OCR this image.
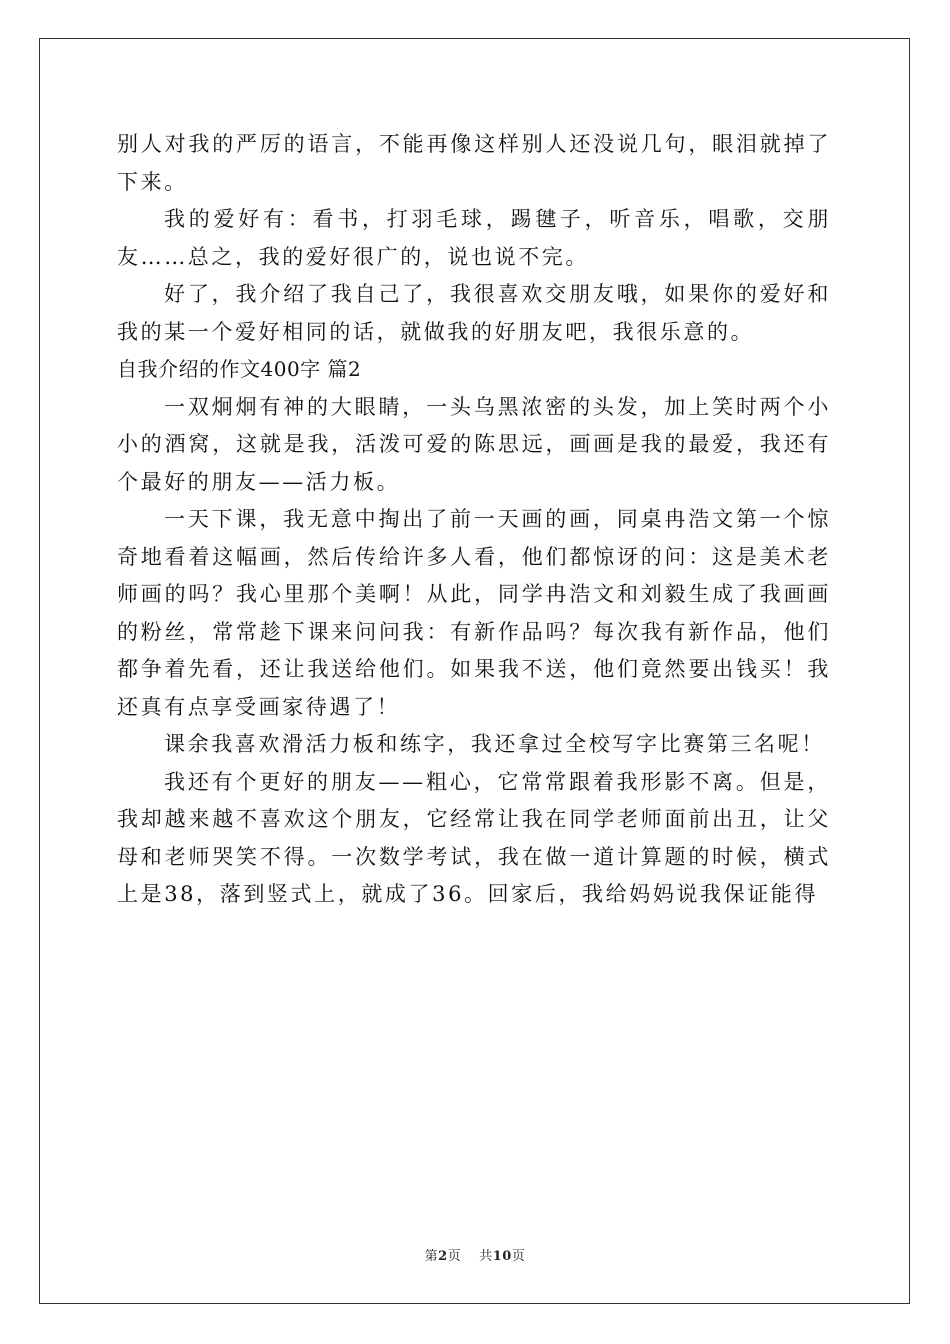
别人对我的严厉的语言，不能再像这样别人还没说几句，眼泪就掉了下来。

我的爱好有：看书，打羽毛球，踢毽子，听音乐，唱歌，交朋友……总之，我的爱好很广的，说也说不完。

好了，我介绍了我自己了，我很喜欢交朋友哦，如果你的爱好和我的某一个爱好相同的话，就做我的好朋友吧，我很乐意的。

自我介绍的作文400字 篇2

一双炯炯有神的大眼睛，一头乌黑浓密的头发，加上笑时两个小小的酒窝，这就是我，活泼可爱的陈思远，画画是我的最爱，我还有个最好的朋友——活力板。

一天下课，我无意中掏出了前一天画的画，同桌冉浩文第一个惊奇地看着这幅画，然后传给许多人看，他们都惊讶的问：这是美术老师画的吗？我心里那个美啊！从此，同学冉浩文和刘毅生成了我画画的粉丝，常常趁下课来问问我：有新作品吗？每次我有新作品，他们都争着先看，还让我送给他们。如果我不送，他们竟然要出钱买！我还真有点享受画家待遇了！

课余我喜欢滑活力板和练字，我还拿过全校写字比赛第三名呢！

我还有个更好的朋友——粗心，它常常跟着我形影不离。但是，我却越来越不喜欢这个朋友，它经常让我在同学老师面前出丑，让父母和老师哭笑不得。一次数学考试，我在做一道计算题的时候，横式上是38，落到竖式上，就成了36。回家后，我给妈妈说我保证能得

第2页 共10页
